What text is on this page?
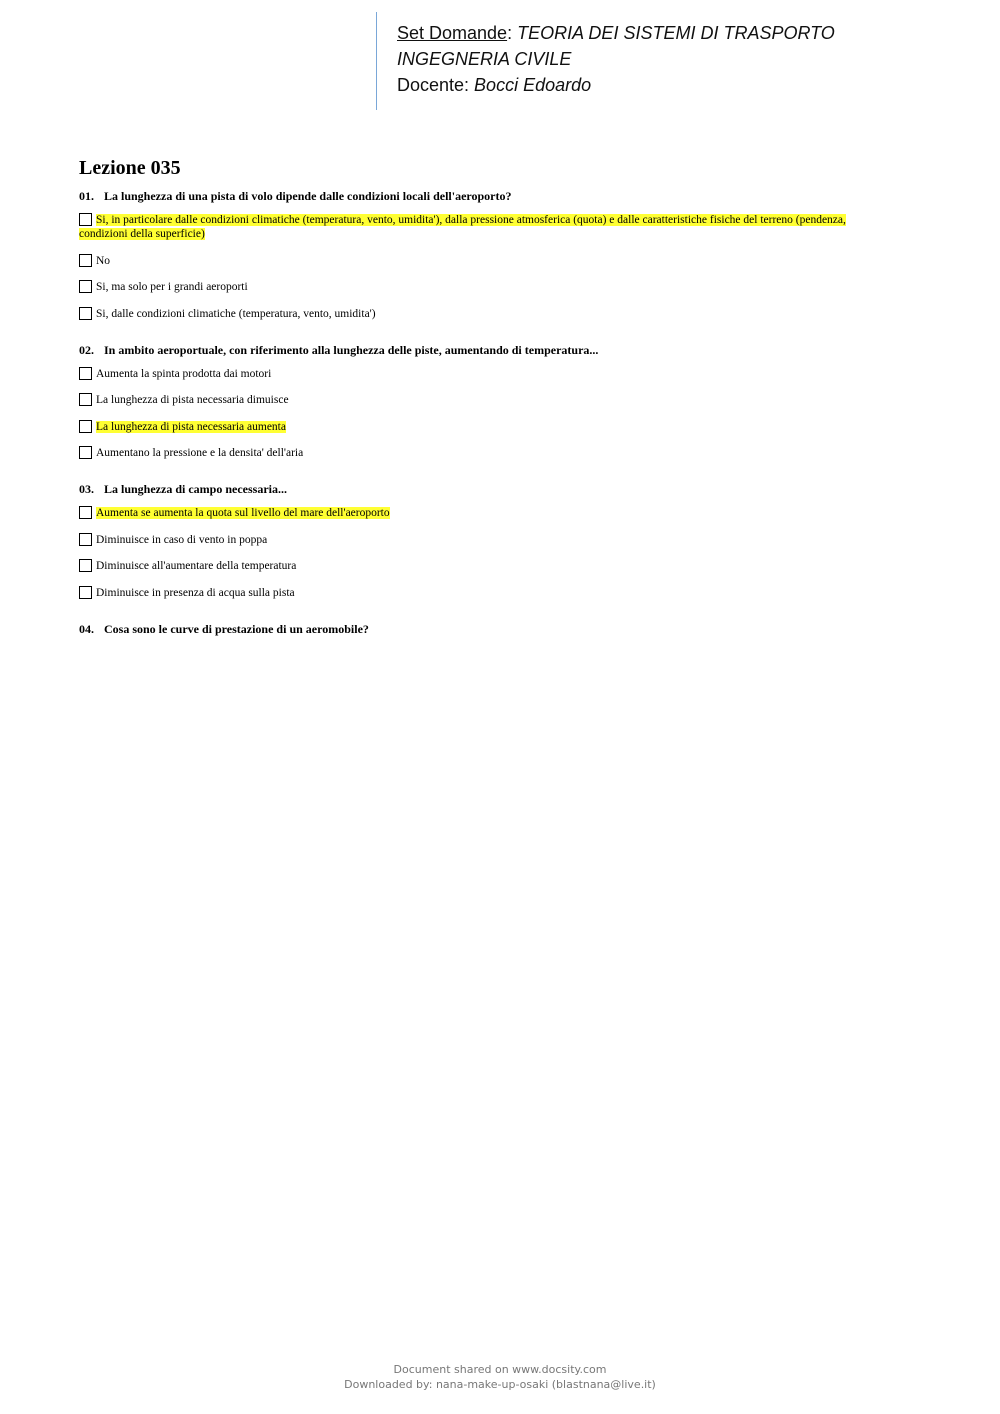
Set Domande: TEORIA DEI SISTEMI DI TRASPORTO
INGEGNERIA CIVILE
Docente: Bocci Edoardo
Lezione 035
01. La lunghezza di una pista di volo dipende dalle condizioni locali dell'aeroporto?
Si, in particolare dalle condizioni climatiche (temperatura, vento, umidita'), dalla pressione atmosferica (quota) e dalle caratteristiche fisiche del terreno (pendenza, condizioni della superficie)
No
Si, ma solo per i grandi aeroporti
Si, dalle condizioni climatiche (temperatura, vento, umidita')
02. In ambito aeroportuale, con riferimento alla lunghezza delle piste, aumentando di temperatura...
Aumenta la spinta prodotta dai motori
La lunghezza di pista necessaria dimuisce
La lunghezza di pista necessaria aumenta
Aumentano la pressione e la densita' dell'aria
03. La lunghezza di campo necessaria...
Aumenta se aumenta la quota sul livello del mare dell'aeroporto
Diminuisce in caso di vento in poppa
Diminuisce all'aumentare della temperatura
Diminuisce in presenza di acqua sulla pista
04. Cosa sono le curve di prestazione di un aeromobile?
Document shared on www.docsity.com
Downloaded by: nana-make-up-osaki (blastnana@live.it)
